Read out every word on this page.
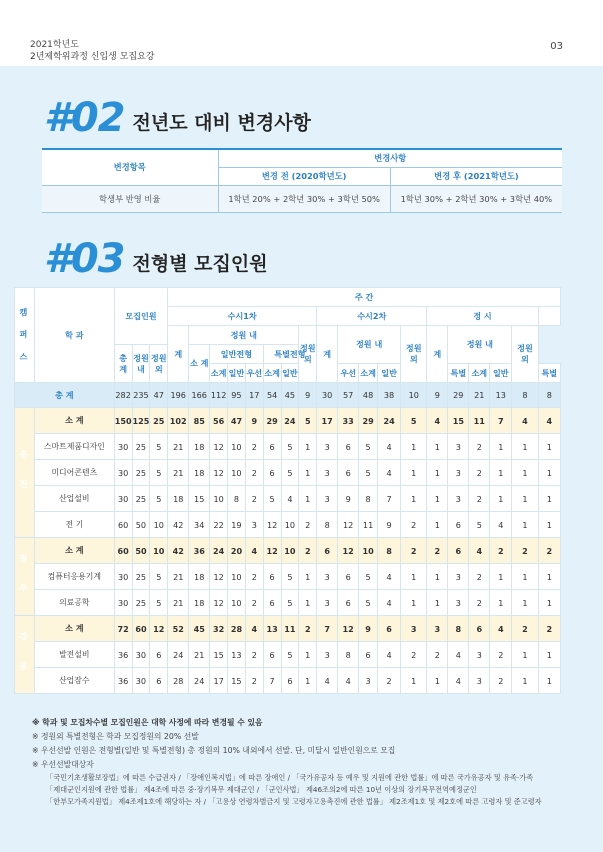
2021학년도
2년제학위과정 신입생 모집요강
03
#02 전년도 대비 변경사항
변경항목	변경사항	
	변경 전 (2020학년도)	변경 후 (2021학년도)
학생부 반영 비율	1학년 20% + 2학년 30% + 3학년 50%	1학년 30% + 2학년 30% + 3학년 40%
#03 전형별 모집인원
캠 퍼 스	학 과	모집인원			주 간																		
					수시1차								수시2차					정 시					
					계	정원 내						정원 외	계	정원 내			정원 외	계	정원 내			정원 외	
		총 계	정원 내	정원 외		소 계	일반전형			특별전형													
							소계	일반	우선	소계	일반			우선	소계	일반			특별	소계	일반		특별
총 계		282	235	47	196	166	112	95	17	54	45	9	30	57	48	38	10	9	29	21	13	8	8
춘 천	소 계	150	125	25	102	85	56	47	9	29	24	5	17	33	29	24	5	4	15	11	7	4	4
	스마트제품디자인	30	25	5	21	18	12	10	2	6	5	1	3	6	5	4	1	1	3	2	1	1	1
	미디어콘텐츠	30	25	5	21	18	12	10	2	6	5	1	3	6	5	4	1	1	3	2	1	1	1
	산업설비	30	25	5	18	15	10	8	2	5	4	1	3	9	8	7	1	1	3	2	1	1	1
	전 기	60	50	10	42	34	22	19	3	12	10	2	8	12	11	9	2	1	6	5	4	1	1
원 주	소 계	60	50	10	42	36	24	20	4	12	10	2	6	12	10	8	2	2	6	4	2	2	2
	컴퓨터응용기계	30	25	5	21	18	12	10	2	6	5	1	3	6	5	4	1	1	3	2	1	1	1
	의료공학	30	25	5	21	18	12	10	2	6	5	1	3	6	5	4	1	1	3	2	1	1	1
강 릉	소 계	72	60	12	52	45	32	28	4	13	11	2	7	12	9	6	3	3	8	6	4	2	2
	발전설비	36	30	6	24	21	15	13	2	6	5	1	3	8	6	4	2	2	4	3	2	1	1
	산업잠수	36	30	6	28	24	17	15	2	7	6	1	4	4	3	2	1	1	4	3	2	1	1
※ 학과 및 모집차수별 모집인원은 대학 사정에 따라 변경될 수 있음
※ 정원외 특별전형은 학과 모집정원의 20% 선발
※ 우선선발 인원은 전형별(일반 및 특별전형) 총 정원의 10% 내외에서 선발. 단, 미달시 일반인원으로 모집
※ 우선선발대상자
「국민기초생활보장법」에 따른 수급권자 / 「장애인복지법」에 따른 장애인 / 「국가유공자 등 예우 및 지원에 관한 법률」에 따른 국가유공자 및 유족·가족
「제대군인지원에 관한 법률」 제4조에 따른 중·장기복무 제대군인 / 「군인사법」 제46조의2에 따른 10년 이상의 장기복무전역예정군인
「한부모가족지원법」 제4조제1호에 해당하는 자 / 「고용상 연령차별금지 및 고령자고용촉진에 관한 법률」 제2조제1호 및 제2호에 따른 고령자 및 준고령자
